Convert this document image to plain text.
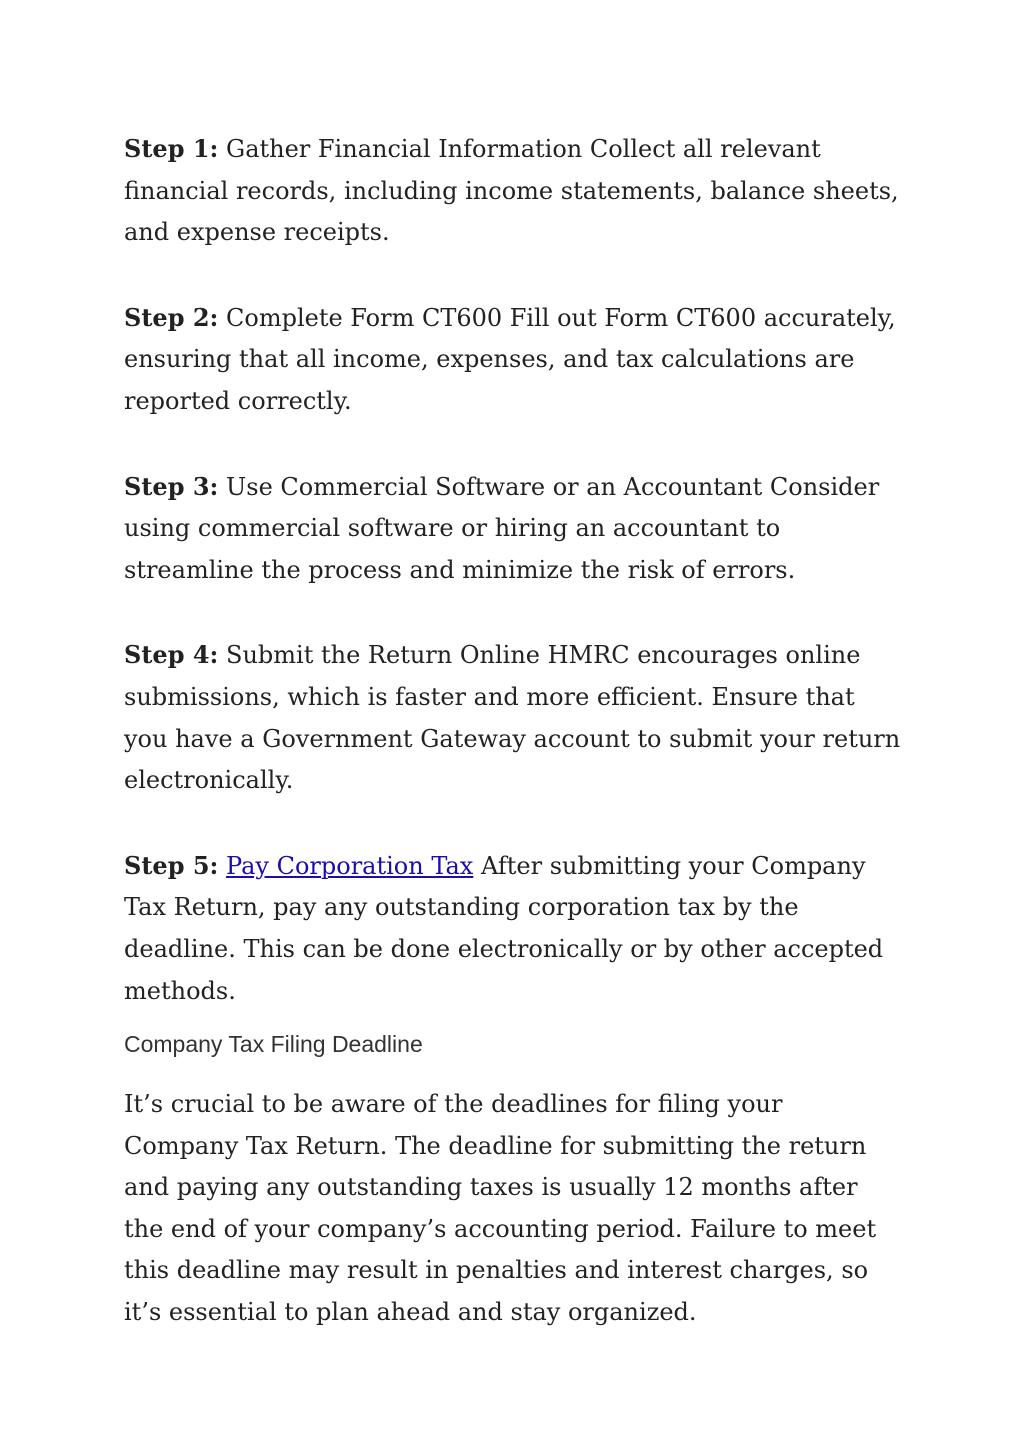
Step 1: Gather Financial Information Collect all relevant financial records, including income statements, balance sheets, and expense receipts.

Step 2: Complete Form CT600 Fill out Form CT600 accurately, ensuring that all income, expenses, and tax calculations are reported correctly.

Step 3: Use Commercial Software or an Accountant Consider using commercial software or hiring an accountant to streamline the process and minimize the risk of errors.

Step 4: Submit the Return Online HMRC encourages online submissions, which is faster and more efficient. Ensure that you have a Government Gateway account to submit your return electronically.

Step 5: Pay Corporation Tax After submitting your Company Tax Return, pay any outstanding corporation tax by the deadline. This can be done electronically or by other accepted methods.

Company Tax Filing Deadline

It’s crucial to be aware of the deadlines for filing your Company Tax Return. The deadline for submitting the return and paying any outstanding taxes is usually 12 months after the end of your company’s accounting period. Failure to meet this deadline may result in penalties and interest charges, so it’s essential to plan ahead and stay organized.
